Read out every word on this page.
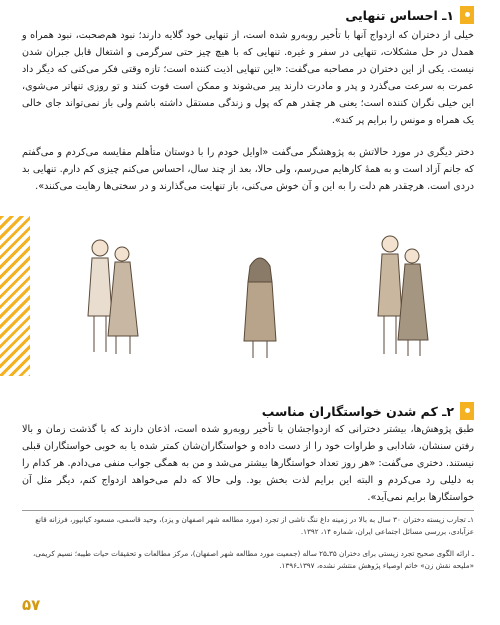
۱ـ احساس تنهایی

خیلی از دختران که ازدواج آنها با تأخیر روبه‌رو شده است، از تنهایی خود گلایه دارند؛ نبود هم‌صحبت، نبود همراه و همدل در حل مشکلات، تنهایی در سفر و غیره. تنهایی که با هیچ چیز حتی سرگرمی و اشتغال قابل جبران شدن نیست. یکی از این دختران در مصاحبه می‌گفت: «این تنهایی اذیت کننده است؛ تازه وقتی فکر می‌کنی که دیگر داد عمرت به سرعت می‌گذرد و پدر و مادرت دارند پیر می‌شوند و ممکن است فوت کنند و تو روزی تنهاتر می‌شوی، این خیلی نگران کننده است؛ یعنی هر چقدر هم که پول و زندگی مستقل داشته باشم ولی باز نمی‌تواند جای خالی یک همراه و مونس را برایم پر کند».

دختر دیگری در مورد حالاتش به پژوهشگر می‌گفت «اوایل خودم را با دوستان متأهلم مقایسه می‌کردم و می‌گفتم که جانم آزاد است و به همهٔ کارهایم می‌رسم، ولی حالا، بعد از چند سال، احساس می‌کنم چیزی کم دارم. تنهایی بد دردی است. هرچقدر هم دلت را به این و آن خوش می‌کنی، باز تنهایت می‌گذارند و در سختی‌ها رهایت می‌کنند».

۲ـ کم شدن خواستگاران مناسب

طبق پژوهش‌ها، بیشتر دخترانی که ازدواجشان با تأخیر روبه‌رو شده است، اذعان دارند که با گذشت زمان و بالا رفتن سنشان، شادابی و طراوات خود را از دست داده و خواستگاران‌شان کمتر شده یا به خوبی خواستگاران قبلی نیستند. دختری می‌گفت: «هر روز تعداد خواستگارها بیشتر می‌شد و من به همگی جواب منفی می‌دادم. هر کدام را به دلیلی رد می‌کردم و البته این برایم لذت بخش بود. ولی حالا که دلم می‌خواهد ازدواج کنم، دیگر مثل آن خواستگارها برایم نمی‌آید».

۱ـ تجارب زیسته دختران ۳۰ سال به بالا در زمینه داغ ننگ ناشی از تجرد (مورد مطالعه شهر اصفهان و یزد)، وحید قاسمی، مسعود کیانپور، فرزانه قانع عزآبادی، بررسی مسائل اجتماعی ایران، شماره ۱۴، ۱۳۹۲.

ـ ارائه الگوی صحیح تجرد زیستی برای دختران ۳۵ـ۲۵ ساله (جمعیت مورد مطالعه شهر اصفهان)، مرکز مطالعات و تحقیقات حیات طیبه؛ نسیم کریمی، «ملیحه نقش زن» خاتم اوصیاء پژوهش منتشر نشده، ۱۳۹۷ـ۱۳۹۶.

۵۷
